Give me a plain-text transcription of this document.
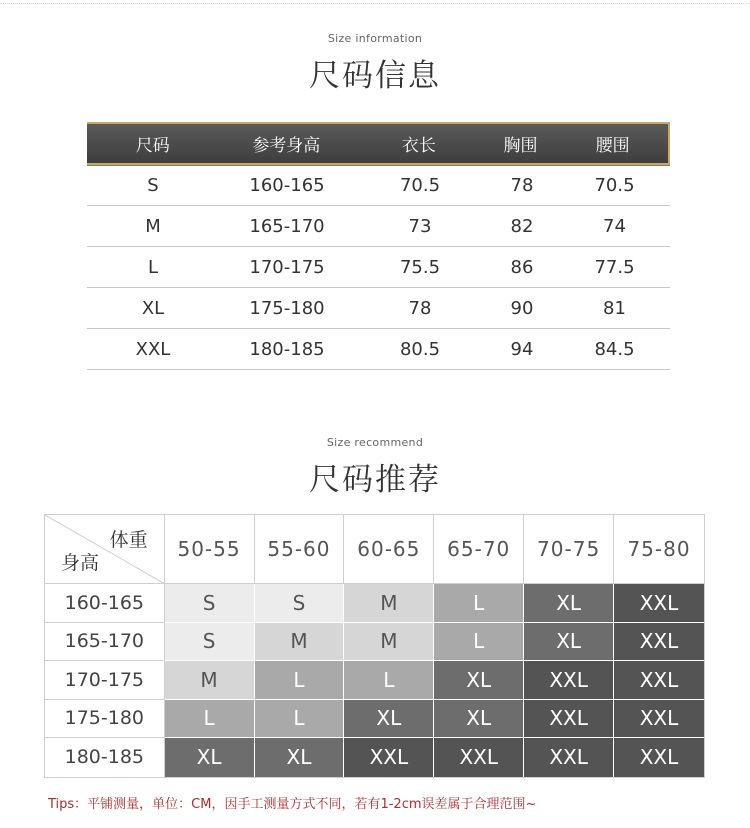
Size information
尺码信息
尺码	参考身高	衣长	胸围	腰围
S	160-165	70.5	78	70.5
M	165-170	73	82	74
L	170-175	75.5	86	77.5
XL	175-180	78	90	81
XXL	180-185	80.5	94	84.5
Size recommend
尺码推荐
体重
身高
50-55	55-60	60-65	65-70	70-75	75-80
160-165	S	S	M	L	XL	XXL
165-170	S	M	M	L	XL	XXL
170-175	M	L	L	XL	XXL	XXL
175-180	L	L	XL	XL	XXL	XXL
180-185	XL	XL	XXL	XXL	XXL	XXL
Tips：平铺测量，单位：CM，因手工测量方式不同，若有1-2cm误差属于合理范围~
